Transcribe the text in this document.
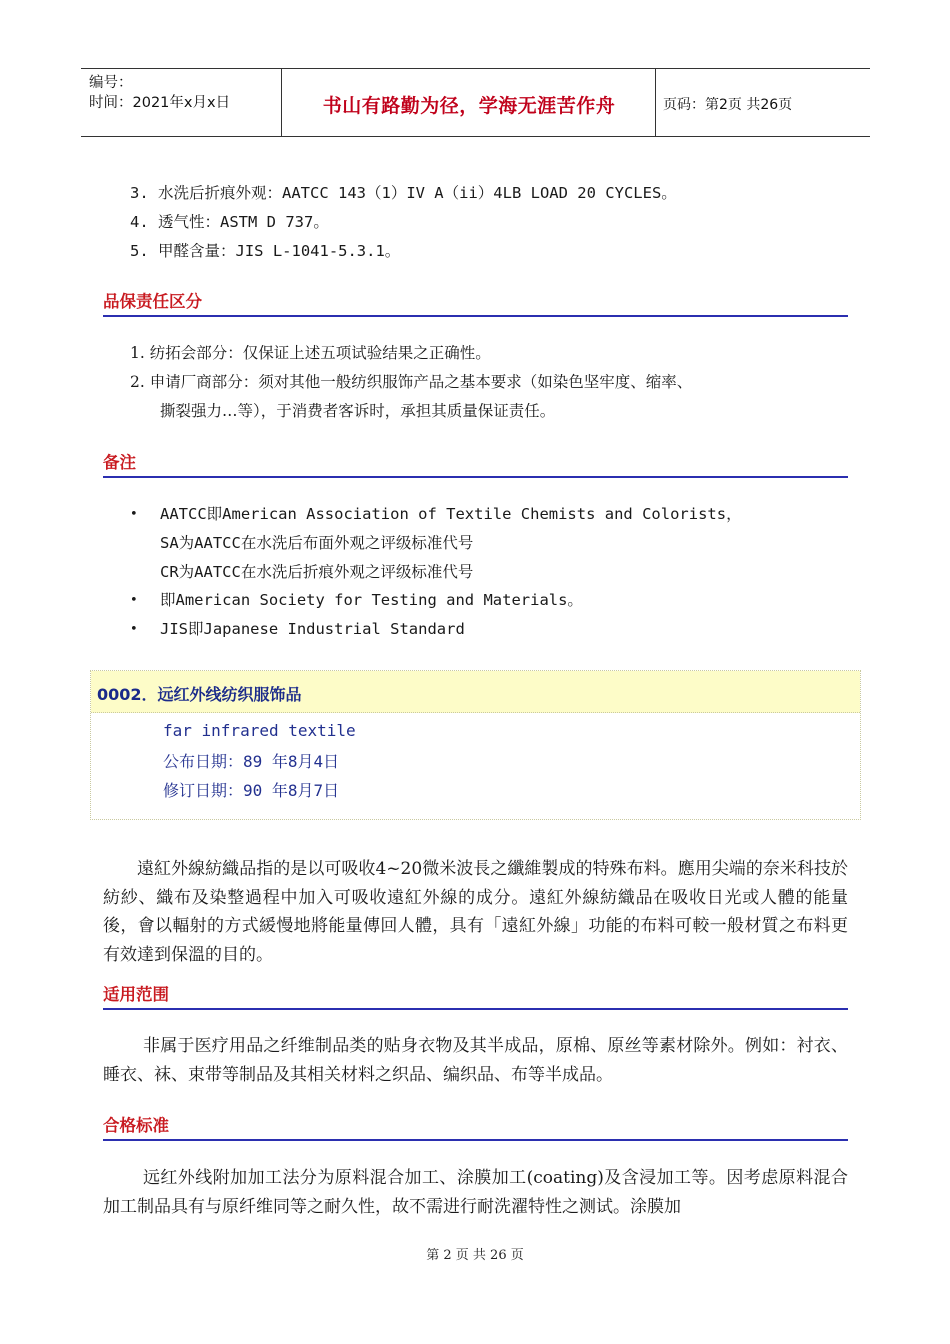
编号：
时间：2021年x月x日	书山有路勤为径，学海无涯苦作舟	页码：第2页 共26页
3. 水洗后折痕外观：AATCC 143（1）IV A（ii）4LB LOAD 20 CYCLES。
4. 透气性：ASTM D 737。
5. 甲醛含量：JIS L-1041-5.3.1。
品保责任区分
1. 纺拓会部分：仅保证上述五项试验结果之正确性。
2. 申请厂商部分：须对其他一般纺织服饰产品之基本要求（如染色坚牢度、缩率、
撕裂强力…等），于消费者客诉时，承担其质量保证责任。
备注
• AATCC即American Association of Textile Chemists and Colorists，
SA为AATCC在水洗后布面外观之评级标准代号
CR为AATCC在水洗后折痕外观之评级标准代号
• 即American Society for Testing and Materials。
• JIS即Japanese Industrial Standard
0002．远红外线纺织服饰品
far infrared textile
公布日期：89 年8月4日
修订日期：90 年8月7日
遠紅外線紡織品指的是以可吸收4~20微米波長之纖維製成的特殊布料。應用尖端的奈米科技於紡紗、織布及染整過程中加入可吸收遠紅外線的成分。遠紅外線紡織品在吸收日光或人體的能量後，會以輻射的方式緩慢地將能量傳回人體，具有「遠紅外線」功能的布料可較一般材質之布料更有效達到保溫的目的。
适用范围
非属于医疗用品之纤维制品类的贴身衣物及其半成品，原棉、原丝等素材除外。例如：衬衣、睡衣、袜、束带等制品及其相关材料之织品、编织品、布等半成品。
合格标准
远红外线附加加工法分为原料混合加工、涂膜加工(coating)及含浸加工等。因考虑原料混合加工制品具有与原纤维同等之耐久性，故不需进行耐洗濯特性之测试。涂膜加
第 2 页 共 26 页
